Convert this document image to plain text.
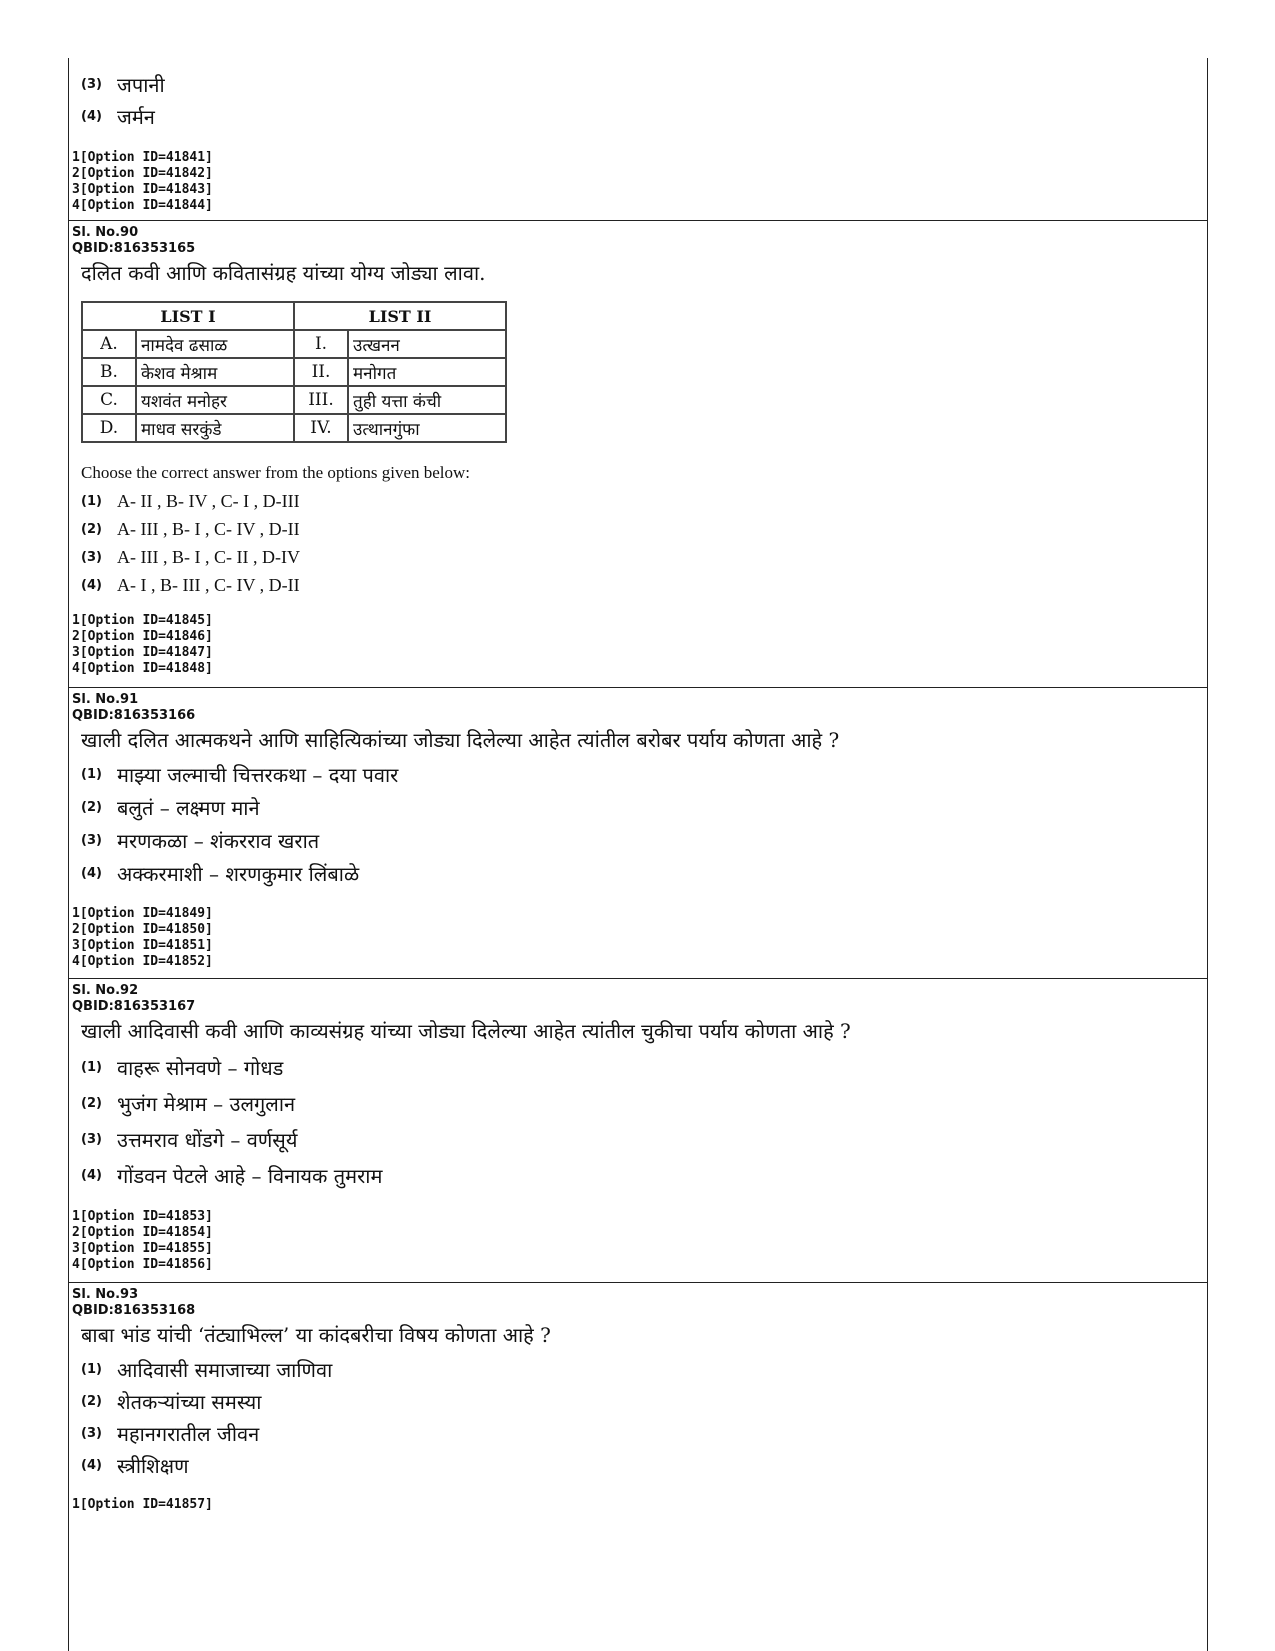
(3) जपानी
(4) जर्मन
1[Option ID=41841]
2[Option ID=41842]
3[Option ID=41843]
4[Option ID=41844]
Sl. No.90
QBID:816353165
दलित कवी आणि कवितासंग्रह यांच्या योग्य जोड्या लावा.
LIST I		LIST II	
A.	नामदेव ढसाळ	I.	उत्खनन
B.	केशव मेश्राम	II.	मनोगत
C.	यशवंत मनोहर	III.	तुही यत्ता कंची
D.	माधव सरकुंडे	IV.	उत्थानगुंफा
Choose the correct answer from the options given below:
(1) A- II , B- IV , C- I , D-III
(2) A- III , B- I , C- IV , D-II
(3) A- III , B- I , C- II , D-IV
(4) A- I , B- III , C- IV , D-II
1[Option ID=41845]
2[Option ID=41846]
3[Option ID=41847]
4[Option ID=41848]
Sl. No.91
QBID:816353166
खाली दलित आत्मकथने आणि साहित्यिकांच्या जोड्या दिलेल्या आहेत त्यांतील बरोबर पर्याय कोणता आहे ?
(1) माझ्या जल्माची चित्तरकथा – दया पवार
(2) बलुतं – लक्ष्मण माने
(3) मरणकळा – शंकरराव खरात
(4) अक्करमाशी – शरणकुमार लिंबाळे
1[Option ID=41849]
2[Option ID=41850]
3[Option ID=41851]
4[Option ID=41852]
Sl. No.92
QBID:816353167
खाली आदिवासी कवी आणि काव्यसंग्रह यांच्या जोड्या दिलेल्या आहेत त्यांतील चुकीचा पर्याय कोणता आहे ?
(1) वाहरू सोनवणे – गोधड
(2) भुजंग मेश्राम – उलगुलान
(3) उत्तमराव धोंडगे – वर्णसूर्य
(4) गोंडवन पेटले आहे – विनायक तुमराम
1[Option ID=41853]
2[Option ID=41854]
3[Option ID=41855]
4[Option ID=41856]
Sl. No.93
QBID:816353168
बाबा भांड यांची ‘तंट्याभिल्ल’ या कांदबरीचा विषय कोणता आहे ?
(1) आदिवासी समाजाच्या जाणिवा
(2) शेतकऱ्यांच्या समस्या
(3) महानगरातील जीवन
(4) स्त्रीशिक्षण
1[Option ID=41857]
